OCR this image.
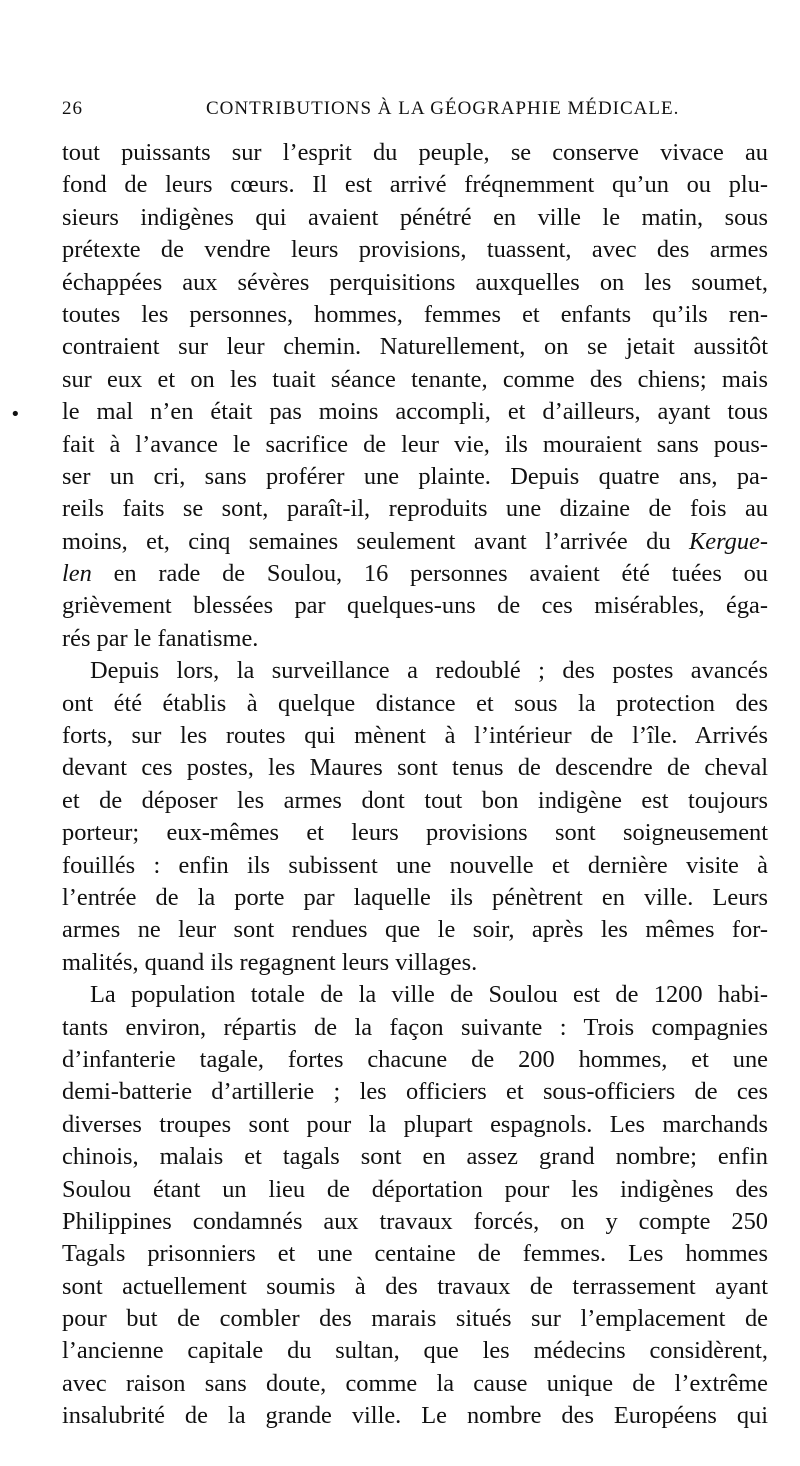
26	CONTRIBUTIONS À LA GÉOGRAPHIE MÉDICALE.
•
tout puissants sur l’esprit du peuple, se conserve vivace au
fond de leurs cœurs. Il est arrivé fréqnemment qu’un ou plu-
sieurs indigènes qui avaient pénétré en ville le matin, sous
prétexte de vendre leurs provisions, tuassent, avec des armes
échappées aux sévères perquisitions auxquelles on les soumet,
toutes les personnes, hommes, femmes et enfants qu’ils ren-
contraient sur leur chemin. Naturellement, on se jetait aussitôt
sur eux et on les tuait séance tenante, comme des chiens; mais
le mal n’en était pas moins accompli, et d’ailleurs, ayant tous
fait à l’avance le sacrifice de leur vie, ils mouraient sans pous-
ser un cri, sans proférer une plainte. Depuis quatre ans, pa-
reils faits se sont, paraît-il, reproduits une dizaine de fois au
moins, et, cinq semaines seulement avant l’arrivée du Kergue-
len en rade de Soulou, 16 personnes avaient été tuées ou
grièvement blessées par quelques-uns de ces misérables, éga-
rés par le fanatisme.
Depuis lors, la surveillance a redoublé ; des postes avancés
ont été établis à quelque distance et sous la protection des
forts, sur les routes qui mènent à l’intérieur de l’île. Arrivés
devant ces postes, les Maures sont tenus de descendre de cheval
et de déposer les armes dont tout bon indigène est toujours
porteur; eux-mêmes et leurs provisions sont soigneusement
fouillés : enfin ils subissent une nouvelle et dernière visite à
l’entrée de la porte par laquelle ils pénètrent en ville. Leurs
armes ne leur sont rendues que le soir, après les mêmes for-
malités, quand ils regagnent leurs villages.
La population totale de la ville de Soulou est de 1200 habi-
tants environ, répartis de la façon suivante : Trois compagnies
d’infanterie tagale, fortes chacune de 200 hommes, et une
demi-batterie d’artillerie ; les officiers et sous-officiers de ces
diverses troupes sont pour la plupart espagnols. Les marchands
chinois, malais et tagals sont en assez grand nombre; enfin
Soulou étant un lieu de déportation pour les indigènes des
Philippines condamnés aux travaux forcés, on y compte 250
Tagals prisonniers et une centaine de femmes. Les hommes
sont actuellement soumis à des travaux de terrassement ayant
pour but de combler des marais situés sur l’emplacement de
l’ancienne capitale du sultan, que les médecins considèrent,
avec raison sans doute, comme la cause unique de l’extrême
insalubrité de la grande ville. Le nombre des Européens qui
